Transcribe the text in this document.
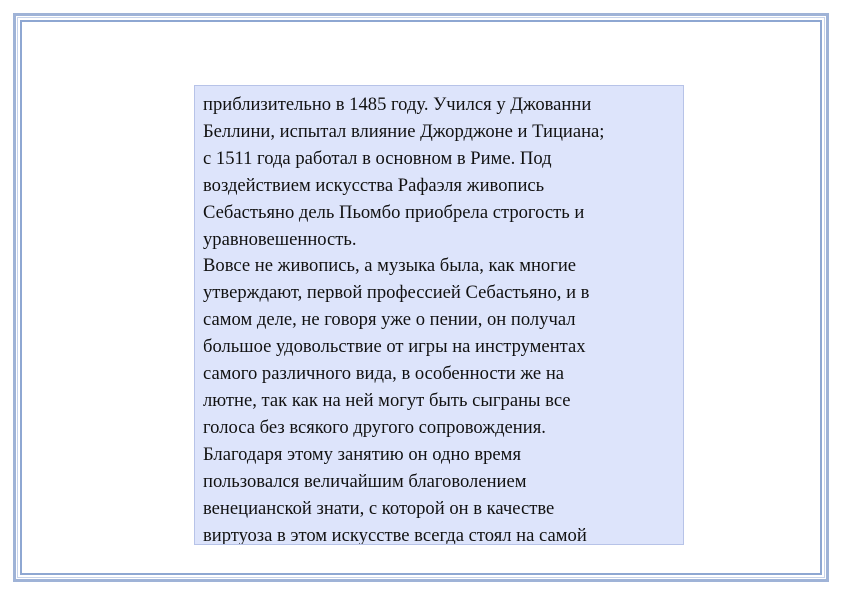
приблизительно в 1485 году. Учился у Джованни
Беллини, испытал влияние Джорджоне и Тициана;
с 1511 года работал в основном в Риме. Под
воздействием искусства Рафаэля живопись
Себастьяно дель Пьомбо приобрела строгость и
уравновешенность.

Вовсе не живопись, а музыка была, как многие
утверждают, первой профессией Себастьяно, и в
самом деле, не говоря уже о пении, он получал
большое удовольствие от игры на инструментах
самого различного вида, в особенности же на
лютне, так как на ней могут быть сыграны все
голоса без всякого другого сопровождения.
Благодаря этому занятию он одно время
пользовался величайшим благоволением
венецианской знати, с которой он в качестве
виртуоза в этом искусстве всегда стоял на самой
